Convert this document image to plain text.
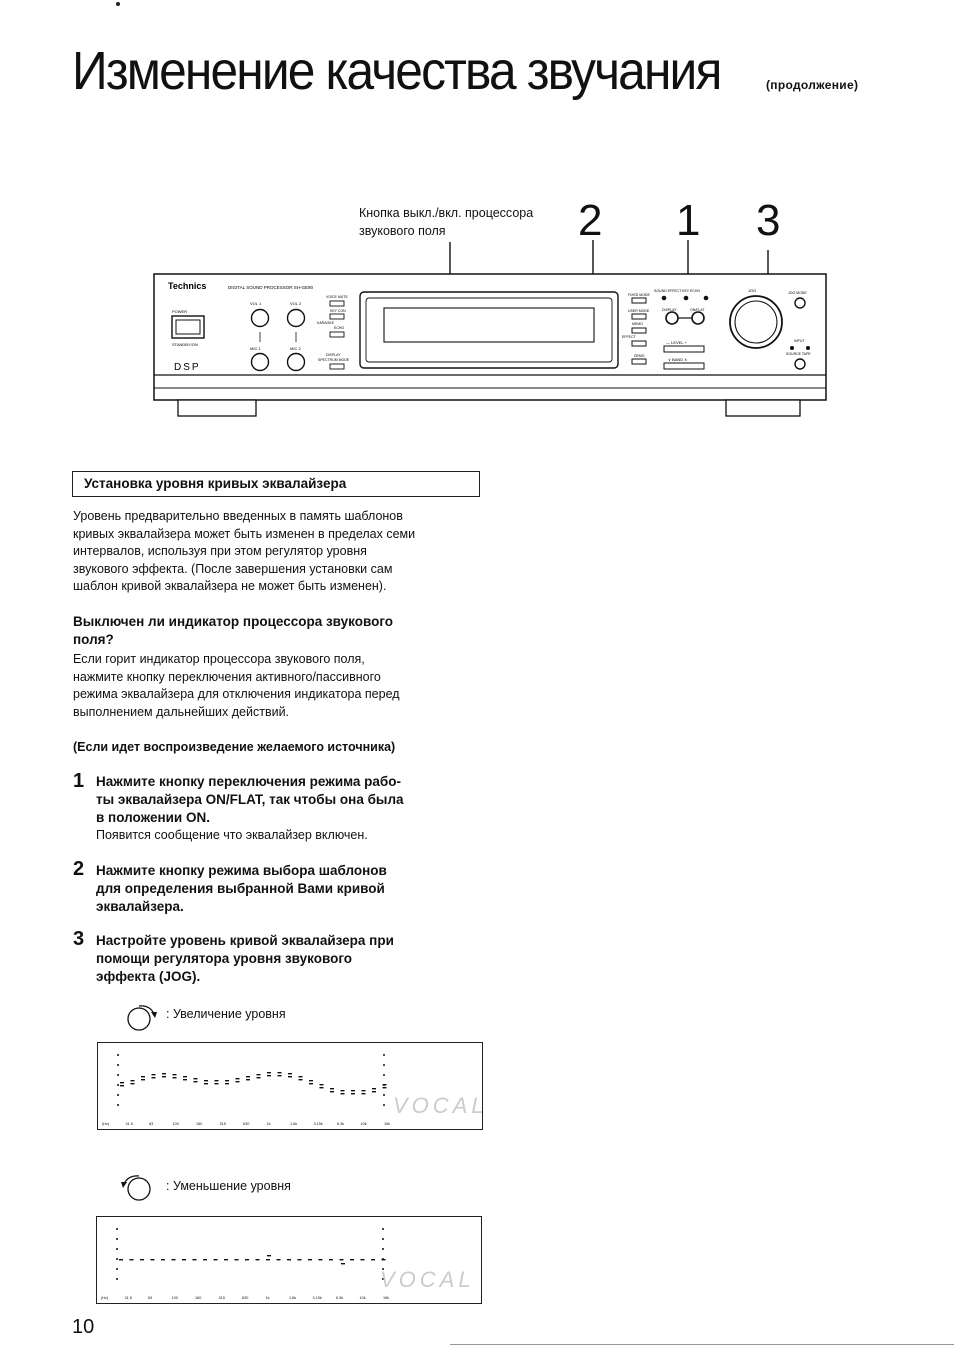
Изменение качества звучания	(продолжение)
Кнопка выкл./вкл. процессора звукового поля	2 1 3
Technics	DIGITAL SOUND PROCESSOR SH-GE90
POWER
STANDBY/ON
DSP
VOL 1	VOL 2
MIC 1	MIC 2
VOICE MUTE
KEY CON
KARAOKE
ECHO
DISPLAY
SPECTRUM MODE
FIXED MODE
USER MODE
MEMO
EFFECT
DEMO
SOUND EFFECT KEY ECHO
DISPLAY	ON/FLAT
— LEVEL +
∨ BAND ∧
JOG	JOG MODE
INPUT
SOURCE TAPE
Установка уровня кривых эквалайзера
Уровень предварительно введенных в память шаблонов
кривых эквалайзера может быть изменен в пределах семи
интервалов, используя при этом регулятор уровня
звукового эффекта. (После завершения установки сам
шаблон кривой эквалайзера не может быть изменен).
Выключен ли индикатор процессора звукового
поля?
Если горит индикатор процессора звукового поля,
нажмите кнопку переключения активного/пассивного
режима эквалайзера для отключения индикатора перед
выполнением дальнейших действий.
(Если идет воспроизведение желаемого источника)
1 Нажмите кнопку переключения режима рабо-
ты эквалайзера ON/FLAT, так чтобы она была
в положении ON.
Появится сообщение что эквалайзер включен.
2 Нажмите кнопку режима выбора шаблонов
для определения выбранной Вами кривой
эквалайзера.
3 Настройте уровень кривой эквалайзера при
помощи регулятора уровня звукового
эффекта (JOG).
: Увеличение уровня
VOCAL
(Hz)	31.5	63	100	160	315	630	1k	1.6k	3.15k	6.3k	10k	16k
: Уменьшение уровня
VOCAL
(Hz)	31.5	63	100	160	315	630	1k	1.6k	3.15k	6.3k	10k	16k
10
